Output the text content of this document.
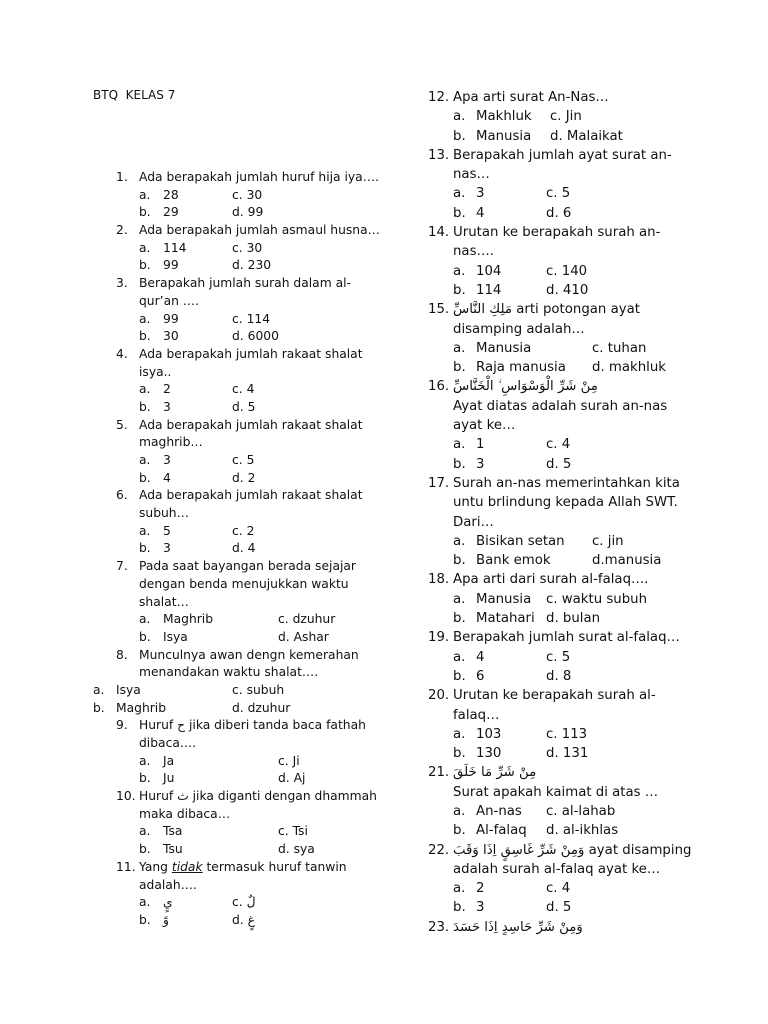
BTQ  KELAS 7
1. Ada berapakah jumlah huruf hija iya….
a. 28	c. 30
b. 29	d. 99
2. Ada berapakah jumlah asmaul husna…
a. 114	c. 30
b. 99	d. 230
3. Berapakah jumlah surah dalam al-
qur’an ….
a. 99	c. 114
b. 30	d. 6000
4. Ada berapakah jumlah rakaat shalat
isya..
a. 2	c. 4
b. 3	d. 5
5. Ada berapakah jumlah rakaat shalat
maghrib…
a. 3	c. 5
b. 4	d. 2
6. Ada berapakah jumlah rakaat shalat
subuh…
a. 5	c. 2
b. 3	d. 4
7. Pada saat bayangan berada sejajar
dengan benda menujukkan waktu
shalat…
a. Maghrib	c. dzuhur
b. Isya	d. Ashar
8. Munculnya awan dengn kemerahan
menandakan waktu shalat….
a. Isya	c. subuh
b. Maghrib	d. dzuhur
9. Huruf ح jika diberi tanda baca fathah
dibaca….
a. Ja	c. Ji
b. Ju	d. Aj
10. Huruf ث jika diganti dengan dhammah
maka dibaca…
a. Tsa	c. Tsi
b. Tsu	d. sya
11. Yang tidak termasuk huruf tanwin
adalah….
a. يٍ	c. لٌ
b. وً	d. غٍ
12. Apa arti surat An-Nas…
a. Makhluk c. Jin
b. Manusia d. Malaikat
13. Berapakah jumlah ayat surat an-
nas…
a. 3	c. 5
b. 4	d. 6
14. Urutan ke berapakah surah an-
nas….
a. 104	c. 140
b. 114	d. 410
15. مَلِكِ النَّاسِّ arti potongan ayat
disamping adalah…
a. Manusia	c. tuhan
b. Raja manusia d. makhluk
16. مِنْ شَرِّ الْوَسْوَاسِ ۙ الْخَنَّاسِّ
Ayat diatas adalah surah an-nas
ayat ke…
a. 1	c. 4
b. 3	d. 5
17. Surah an-nas memerintahkan kita
untu brlindung kepada Allah SWT.
Dari…
a. Bisikan setan c. jin
b. Bank emok	d.manusia
18. Apa arti dari surah al-falaq….
a. Manusia c. waktu subuh
b. Matahari d. bulan
19. Berapakah jumlah surat al-falaq…
a. 4	c. 5
b. 6	d. 8
20. Urutan ke berapakah surah al-
falaq…
a. 103	c. 113
b. 130	d. 131
21. مِنْ شَرِّ مَا خَلَقَ
Surat apakah kaimat di atas …
a. An-nas c. al-lahab
b. Al-falaq d. al-ikhlas
22. وَمِنْ شَرِّ غَاسِقٍ اِذَا وَقَبَ ayat disamping
adalah surah al-falaq ayat ke…
a. 2	c. 4
b. 3	d. 5
23. وَمِنْ شَرِّ حَاسِدٍ اِذَا حَسَدَ
